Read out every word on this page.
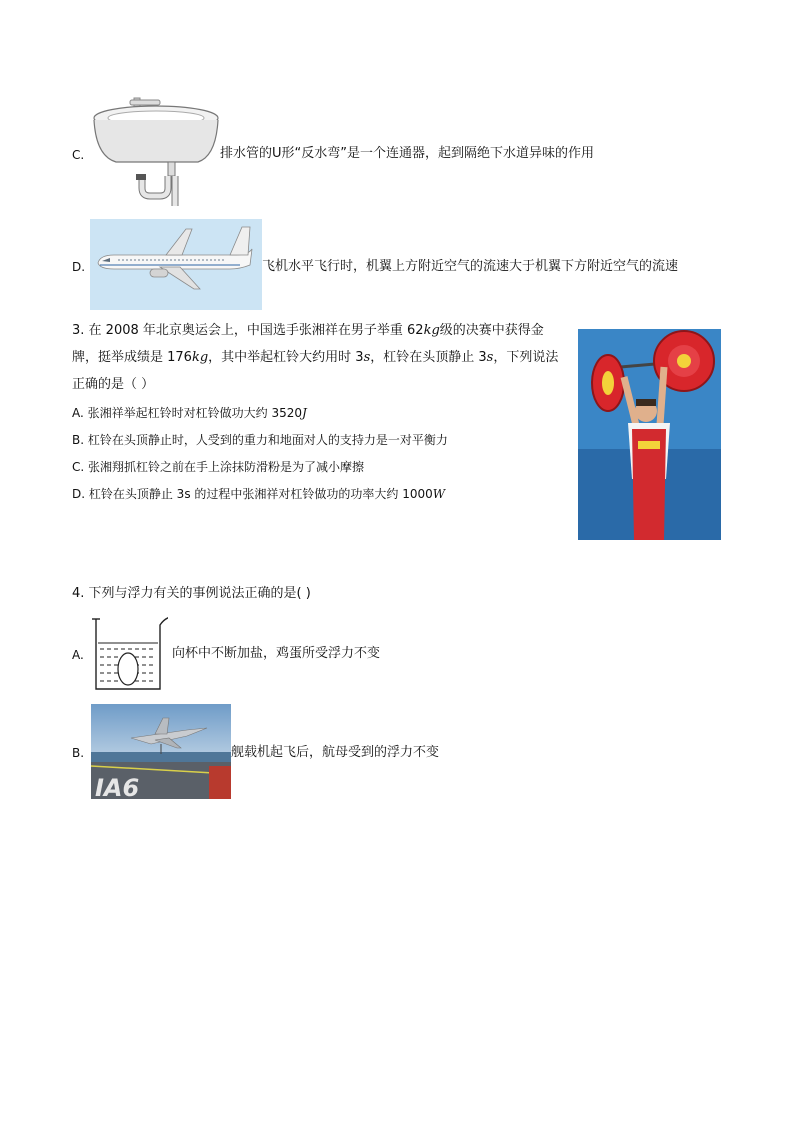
C.	排水管的U形“反水弯”是一个连通器，起到隔绝下水道异味的作用
D.	飞机水平飞行时，机翼上方附近空气的流速大于机翼下方附近空气的流速
3. 在 2008 年北京奥运会上，中国选手张湘祥在男子举重 62kg级的决赛中获得金
牌，挺举成绩是 176kg，其中举起杠铃大约用时 3s，杠铃在头顶静止 3s，下列说法
正确的是（ ）
A. 张湘祥举起杠铃时对杠铃做功大约 3520J
B. 杠铃在头顶静止时，人受到的重力和地面对人的支持力是一对平衡力
C. 张湘翔抓杠铃之前在手上涂抹防滑粉是为了减小摩擦
D. 杠铃在头顶静止 3s 的过程中张湘祥对杠铃做功的功率大约 1000W
4. 下列与浮力有关的事例说法正确的是( )
A.	向杯中不断加盐，鸡蛋所受浮力不变
B.
IA6
舰载机起飞后，航母受到的浮力不变
